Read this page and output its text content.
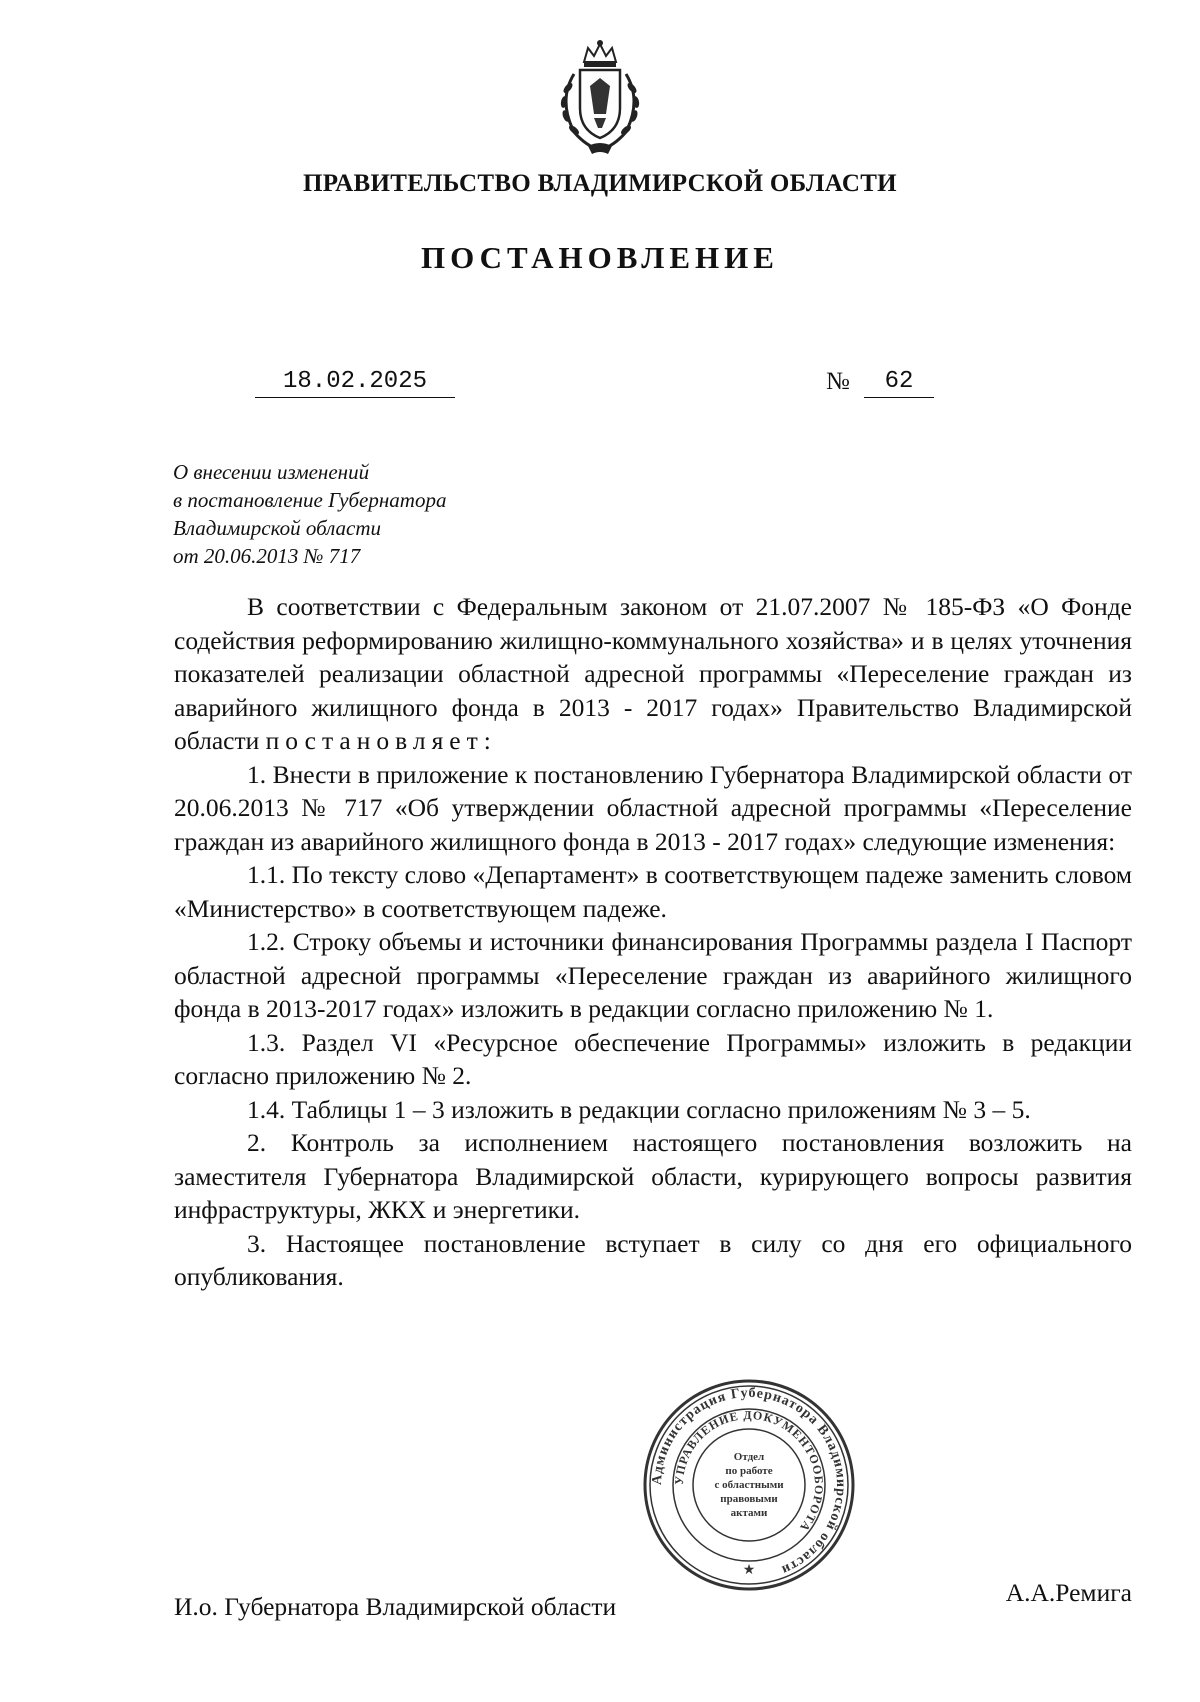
ПРАВИТЕЛЬСТВО ВЛАДИМИРСКОЙ ОБЛАСТИ
ПОСТАНОВЛЕНИЕ
18.02.2025	№	62
О внесении изменений
в постановление Губернатора
Владимирской области
от 20.06.2013 № 717

В соответствии с Федеральным законом от 21.07.2007 № 185-ФЗ «О Фонде содействия реформированию жилищно-коммунального хозяйства» и в целях уточнения показателей реализации областной адресной программы «Переселение граждан из аварийного жилищного фонда в 2013 - 2017 годах» Правительство Владимирской области постановляет:

1. Внести в приложение к постановлению Губернатора Владимирской области от 20.06.2013 № 717 «Об утверждении областной адресной программы «Переселение граждан из аварийного жилищного фонда в 2013 - 2017 годах» следующие изменения:

1.1. По тексту слово «Департамент» в соответствующем падеже заменить словом «Министерство» в соответствующем падеже.

1.2. Строку объемы и источники финансирования Программы раздела I Паспорт областной адресной программы «Переселение граждан из аварийного жилищного фонда в 2013-2017 годах» изложить в редакции согласно приложению № 1.

1.3. Раздел VI «Ресурсное обеспечение Программы» изложить в редакции согласно приложению № 2.

1.4. Таблицы 1 – 3 изложить в редакции согласно приложениям № 3 – 5.

2. Контроль за исполнением настоящего постановления возложить на заместителя Губернатора Владимирской области, курирующего вопросы развития инфраструктуры, ЖКХ и энергетики.

3. Настоящее постановление вступает в силу со дня его официального опубликования.

Администрация Губернатора Владимирской области
УПРАВЛЕНИЕ ДОКУМЕНТООБОРОТА
Отдел
по работе
с областными
правовыми
актами
★
И.о. Губернатора Владимирской области	А.А.Ремига
